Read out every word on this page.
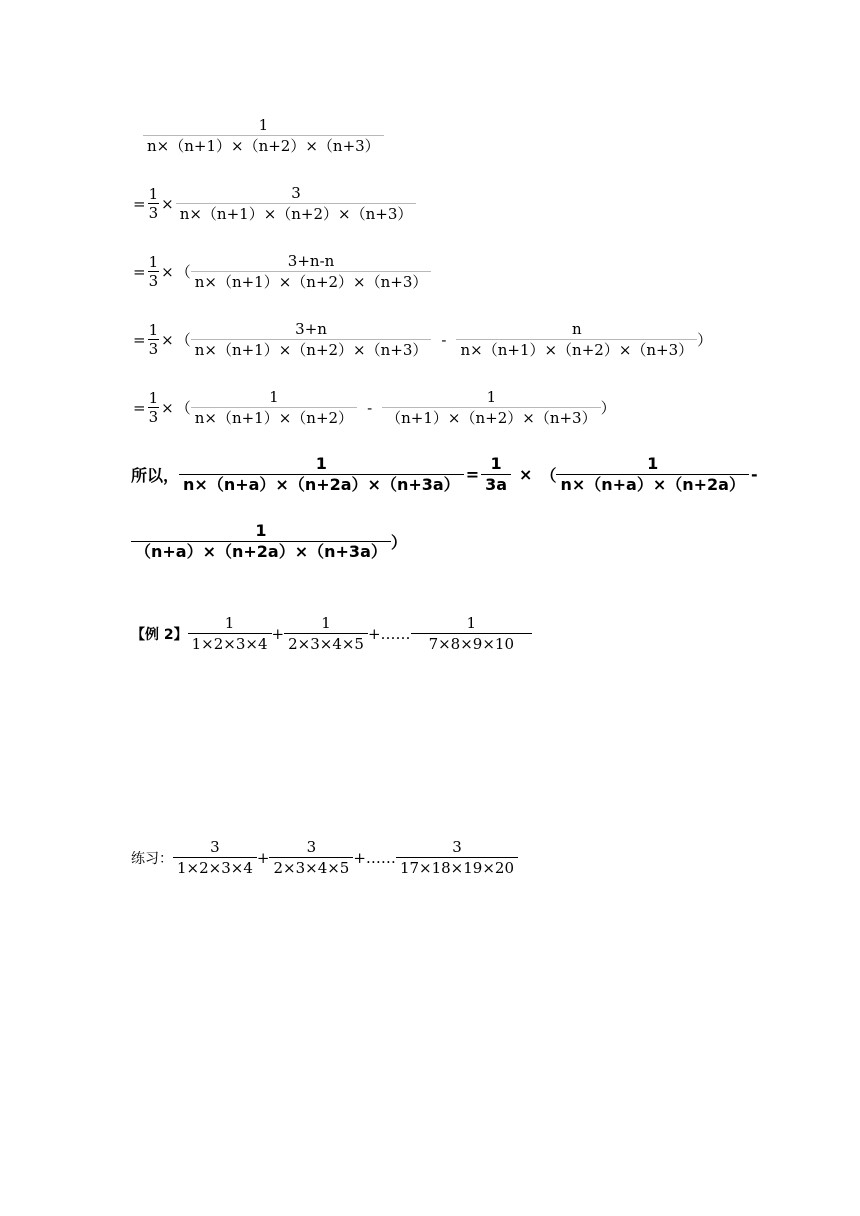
$\frac{1}{n\times(n+1)\times(n+2)\times(n+3)}$
= $\frac{1}{3} \times \frac{3}{n\times(n+1)\times(n+2)\times(n+3)}$
= $\frac{1}{3}$ × （ $\frac{3+n-n}{n\times(n+1)\times(n+2)\times(n+3)}$
= $\frac{1}{3}$ × （ $\frac{3+n}{n\times(n+1)\times(n+2)\times(n+3)} - \frac{n}{n\times(n+1)\times(n+2)\times(n+3)}$ ）
= $\frac{1}{3}$ × （ $\frac{1}{n\times(n+1)\times(n+2)} - \frac{1}{(n+1)\times(n+2)\times(n+3)}$ ）
所以， $\frac{1}{n\times(n+a)\times(n+2a)\times(n+3a)} = \frac{1}{3a}$ × （ $\frac{1}{n\times(n+a)\times(n+2a)}$ -
$\frac{1}{(n+a)\times(n+2a)\times(n+3a)}$ ）
【例 2】 $\frac{1}{1\times 2\times 3\times 4} + \frac{1}{2\times 3\times 4\times 5}$ +…… $\frac{1}{7\times 8\times 9\times 10}$
练习： $\frac{3}{1\times 2\times 3\times 4} + \frac{3}{2\times 3\times 4\times 5}$ +…… $\frac{3}{17\times 18\times 19\times 20}$
